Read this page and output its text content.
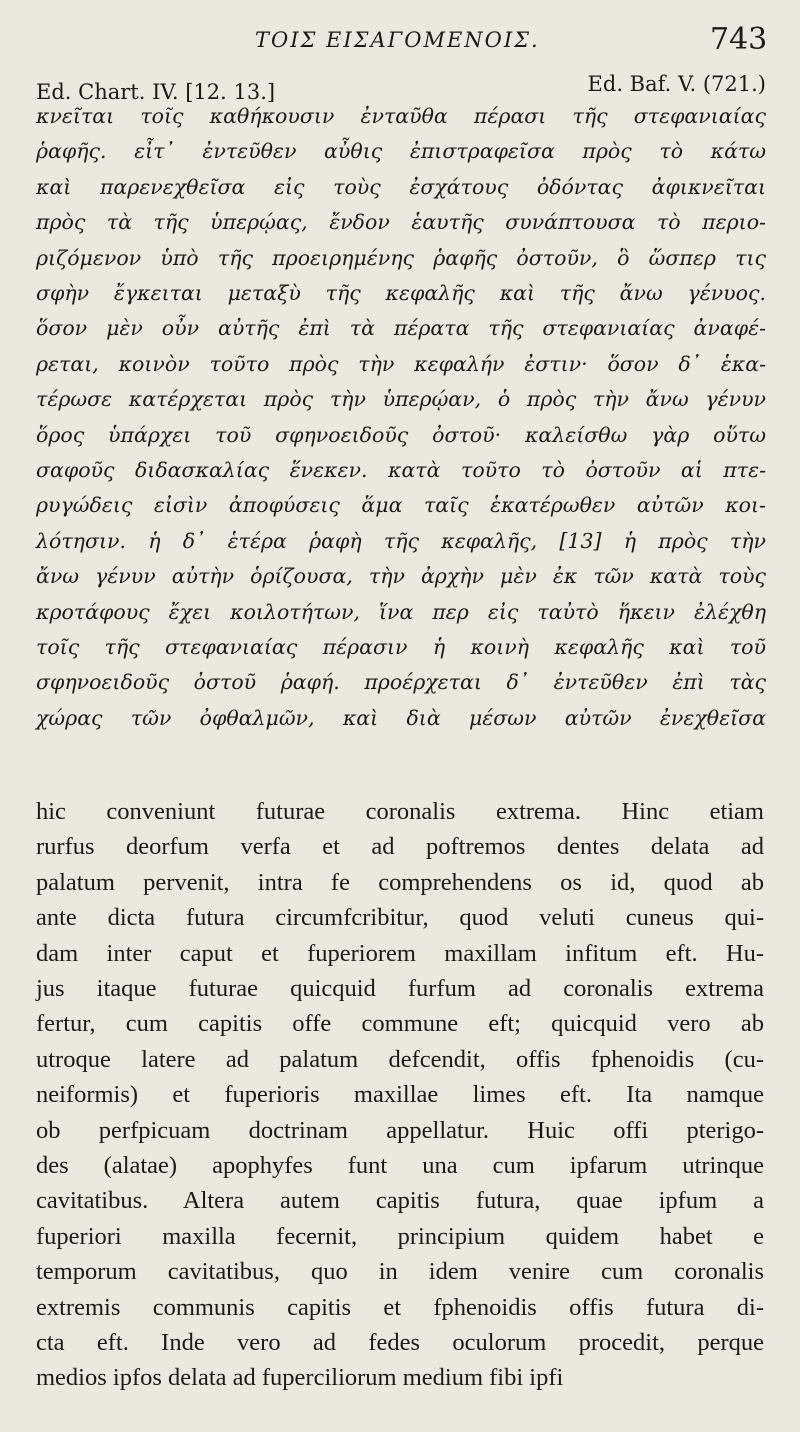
ΤΟΙΣ ΕΙΣΑΓΟΜΕΝΟΙΣ.	743
Ed. Chart. IV. [12. 13.]	Ed. Baf. V. (721.)
κνεῖται τοῖς καθήκουσιν ἐνταῦθα πέρασι τῆς στεφανιαίας
ῥαφῆς. εἶτ᾽ ἐντεῦθεν αὖθις ἐπιστραφεῖσα πρὸς τὸ κάτω
καὶ παρενεχθεῖσα εἰς τοὺς ἐσχάτους ὀδόντας ἀφικνεῖται
πρὸς τὰ τῆς ὑπερῴας, ἔνδον ἑαυτῆς συνάπτουσα τὸ περιο-
ριζόμενον ὑπὸ τῆς προειρημένης ῥαφῆς ὀστοῦν, ὃ ὥσπερ τις
σφὴν ἔγκειται μεταξὺ τῆς κεφαλῆς καὶ τῆς ἄνω γένυος.
ὅσον μὲν οὖν αὐτῆς ἐπὶ τὰ πέρατα τῆς στεφανιαίας ἀναφέ-
ρεται, κοινὸν τοῦτο πρὸς τὴν κεφαλήν ἐστιν· ὅσον δ᾽ ἑκα-
τέρωσε κατέρχεται πρὸς τὴν ὑπερῴαν, ὁ πρὸς τὴν ἄνω γένυν
ὅρος ὑπάρχει τοῦ σφηνοειδοῦς ὀστοῦ· καλείσθω γὰρ οὕτω
σαφοῦς διδασκαλίας ἕνεκεν. κατὰ τοῦτο τὸ ὀστοῦν αἱ πτε-
ρυγώδεις εἰσὶν ἀποφύσεις ἅμα ταῖς ἑκατέρωθεν αὐτῶν κοι-
λότησιν. ἡ δ᾽ ἑτέρα ῥαφὴ τῆς κεφαλῆς, [13] ἡ πρὸς τὴν
ἄνω γένυν αὐτὴν ὁρίζουσα, τὴν ἀρχὴν μὲν ἐκ τῶν κατὰ τοὺς
κροτάφους ἔχει κοιλοτήτων, ἵνα περ εἰς ταὐτὸ ἥκειν ἐλέχθη
τοῖς τῆς στεφανιαίας πέρασιν ἡ κοινὴ κεφαλῆς καὶ τοῦ
σφηνοειδοῦς ὀστοῦ ῥαφή. προέρχεται δ᾽ ἐντεῦθεν ἐπὶ τὰς
χώρας τῶν ὀφθαλμῶν, καὶ διὰ μέσων αὐτῶν ἐνεχθεῖσα
hic conveniunt futurae coronalis extrema. Hinc etiam
rurfus deorfum verfa et ad poftremos dentes delata ad
palatum pervenit, intra fe comprehendens os id, quod ab
ante dicta futura circumfcribitur, quod veluti cuneus qui-
dam inter caput et fuperiorem maxillam infitum eft. Hu-
jus itaque futurae quicquid furfum ad coronalis extrema
fertur, cum capitis offe commune eft; quicquid vero ab
utroque latere ad palatum defcendit, offis fphenoidis (cu-
neiformis) et fuperioris maxillae limes eft. Ita namque
ob perfpicuam doctrinam appellatur. Huic offi pterigo-
des (alatae) apophyfes funt una cum ipfarum utrinque
cavitatibus. Altera autem capitis futura, quae ipfum a
fuperiori maxilla fecernit, principium quidem habet e
temporum cavitatibus, quo in idem venire cum coronalis
extremis communis capitis et fphenoidis offis futura di-
cta eft. Inde vero ad fedes oculorum procedit, perque
medios ipfos delata ad fuperciliorum medium fibi ipfi
